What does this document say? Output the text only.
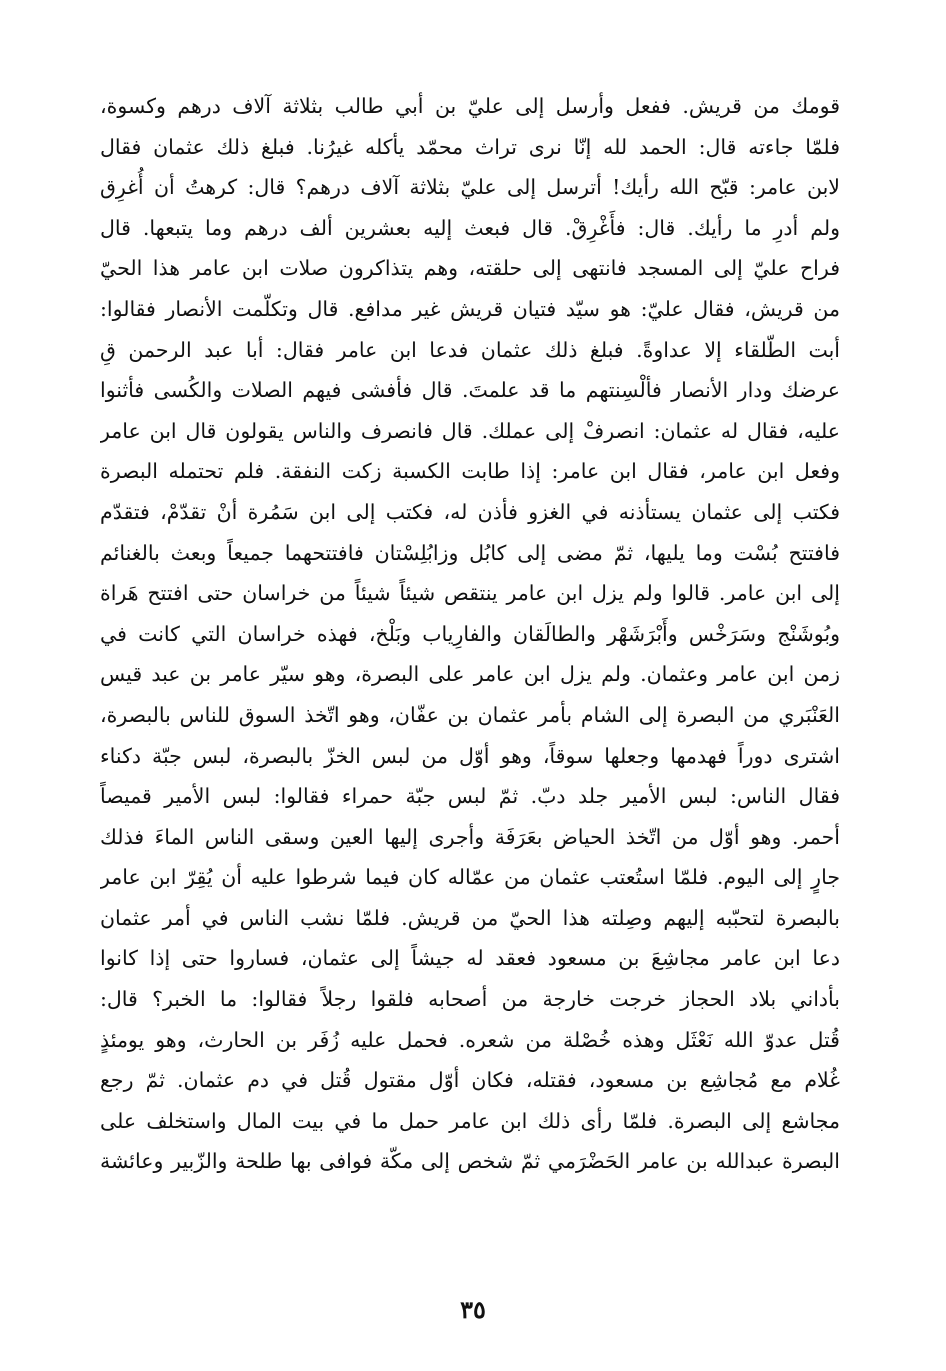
قومك من قريش. ففعل وأرسل إلى عليّ بن أبي طالب بثلاثة آلاف درهم وكسوة،
فلمّا جاءته قال: الحمد لله إنّا نرى تراث محمّد يأكله غيرُنا. فبلغ ذلك عثمان فقال
لابن عامر: قبّح الله رأيك! أترسل إلى عليّ بثلاثة آلاف درهم؟ قال: كرهتُ أن أُغرِق
ولم أدرِ ما رأيك. قال: فأَغْرِقْ. قال فبعث إليه بعشرين ألف درهم وما يتبعها. قال
فراح عليّ إلى المسجد فانتهى إلى حلقته، وهم يتذاكرون صلات ابن عامر هذا الحيّ
من قريش، فقال عليّ: هو سيّد فتيان قريش غير مدافع. قال وتكلّمت الأنصار فقالوا:
أبت الطّلقاء إلا عداوةً. فبلغ ذلك عثمان فدعا ابن عامر فقال: أبا عبد الرحمن قِ
عرضك ودار الأنصار فألْسِنتهم ما قد علمتَ. قال فأفشى فيهم الصلات والكُسى فأثنوا
عليه، فقال له عثمان: انصرفْ إلى عملك. قال فانصرف والناس يقولون قال ابن عامر
وفعل ابن عامر، فقال ابن عامر: إذا طابت الكسبة زكت النفقة. فلم تحتمله البصرة
فكتب إلى عثمان يستأذنه في الغزو فأذن له، فكتب إلى ابن سَمُرة أنْ تقدّمْ، فتقدّم
فافتتح بُسْت وما يليها، ثمّ مضى إلى كابُل وزابُلِسْتان فافتتحهما جميعاً وبعث بالغنائم
إلى ابن عامر. قالوا ولم يزل ابن عامر ينتقص شيئاً شيئاً من خراسان حتى افتتح هَراة
وبُوشَنْج وسَرَخْس وأَبْرَشَهْر والطالَقان والفارِياب وبَلْخ، فهذه خراسان التي كانت في
زمن ابن عامر وعثمان. ولم يزل ابن عامر على البصرة، وهو سيّر عامر بن عبد قيس
العَنْبَري من البصرة إلى الشام بأمر عثمان بن عفّان، وهو اتّخذ السوق للناس بالبصرة،
اشترى دوراً فهدمها وجعلها سوقاً، وهو أوّل من لبس الخزّ بالبصرة، لبس جبّة دكناء
فقال الناس: لبس الأمير جلد دبّ. ثمّ لبس جبّة حمراء فقالوا: لبس الأمير قميصاً
أحمر. وهو أوّل من اتّخذ الحياض بعَرَفَة وأجرى إليها العين وسقى الناس الماءَ فذلك
جارٍ إلى اليوم. فلمّا استُعتب عثمان من عمّاله كان فيما شرطوا عليه أن يُقِرّ ابن عامر
بالبصرة لتحبّبه إليهم وصِلته هذا الحيّ من قريش. فلمّا نشب الناس في أمر عثمان
دعا ابن عامر مجاشِعَ بن مسعود فعقد له جيشاً إلى عثمان، فساروا حتى إذا كانوا
بأداني بلاد الحجاز خرجت خارجة من أصحابه فلقوا رجلاً فقالوا: ما الخبر؟ قال:
قُتل عدوّ الله نَعْثَل وهذه خُصْلة من شعره. فحمل عليه زُفَر بن الحارث، وهو يومئذٍ
غُلام مع مُجاشِع بن مسعود، فقتله، فكان أوّل مقتول قُتل في دم عثمان. ثمّ رجع
مجاشع إلى البصرة. فلمّا رأى ذلك ابن عامر حمل ما في بيت المال واستخلف على
البصرة عبدالله بن عامر الحَضْرَمي ثمّ شخص إلى مكّة فوافى بها طلحة والزّبير وعائشة
٣٥
